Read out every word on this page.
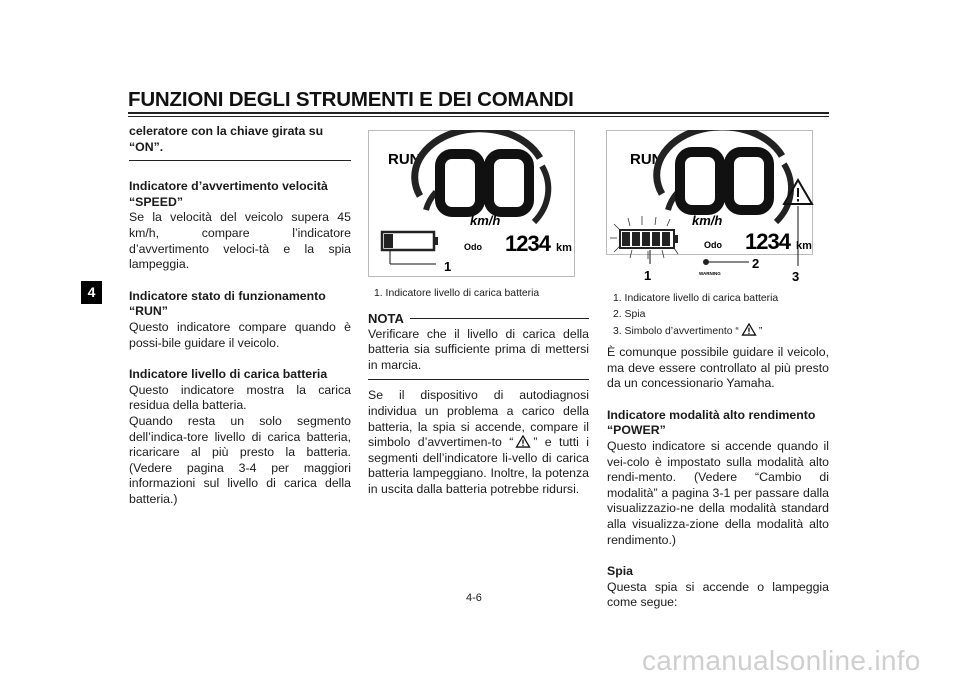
FUNZIONI DEGLI STRUMENTI E DEI COMANDI
4

celeratore con la chiave girata su “ON”.

Indicatore d’avvertimento velocità “SPEED”

Se la velocità del veicolo supera 45 km/h, compare l’indicatore d’avvertimento veloci-tà e la spia lampeggia.

Indicatore stato di funzionamento “RUN”

Questo indicatore compare quando è possi-bile guidare il veicolo.

Indicatore livello di carica batteria
Questo indicatore mostra la carica residua della batteria.
Quando resta un solo segmento dell’indica-tore livello di carica batteria, ricaricare al più presto la batteria. (Vedere pagina 3-4 per maggiori informazioni sul livello di carica della batteria.)
RUN
km/h
Odo 1234 km
1
1. Indicatore livello di carica batteria
NOTA
Verificare che il livello di carica della batteria sia sufficiente prima di mettersi in marcia.
Se il dispositivo di autodiagnosi individua un problema a carico della batteria, la spia si accende, compare il simbolo d’avvertimen-to “ ” e tutti i segmenti dell’indicatore li-vello di carica batteria lampeggiano. Inoltre, la potenza in uscita dalla batteria potrebbe ridursi.
RUN
km/h
Odo 1234 km
WARNING
1
2
3
1. Indicatore livello di carica batteria
2. Spia
3. Simbolo d’avvertimento “ ”

È comunque possibile guidare il veicolo, ma deve essere controllato al più presto da un concessionario Yamaha.

Indicatore modalità alto rendimento “POWER”

Questo indicatore si accende quando il vei-colo è impostato sulla modalità alto rendi-mento. (Vedere “Cambio di modalità” a pagina 3-1 per passare dalla visualizzazio-ne della modalità standard alla visualizza-zione della modalità alto rendimento.)

Spia
Questa spia si accende o lampeggia come segue:
4-6
carmanualsonline.info
